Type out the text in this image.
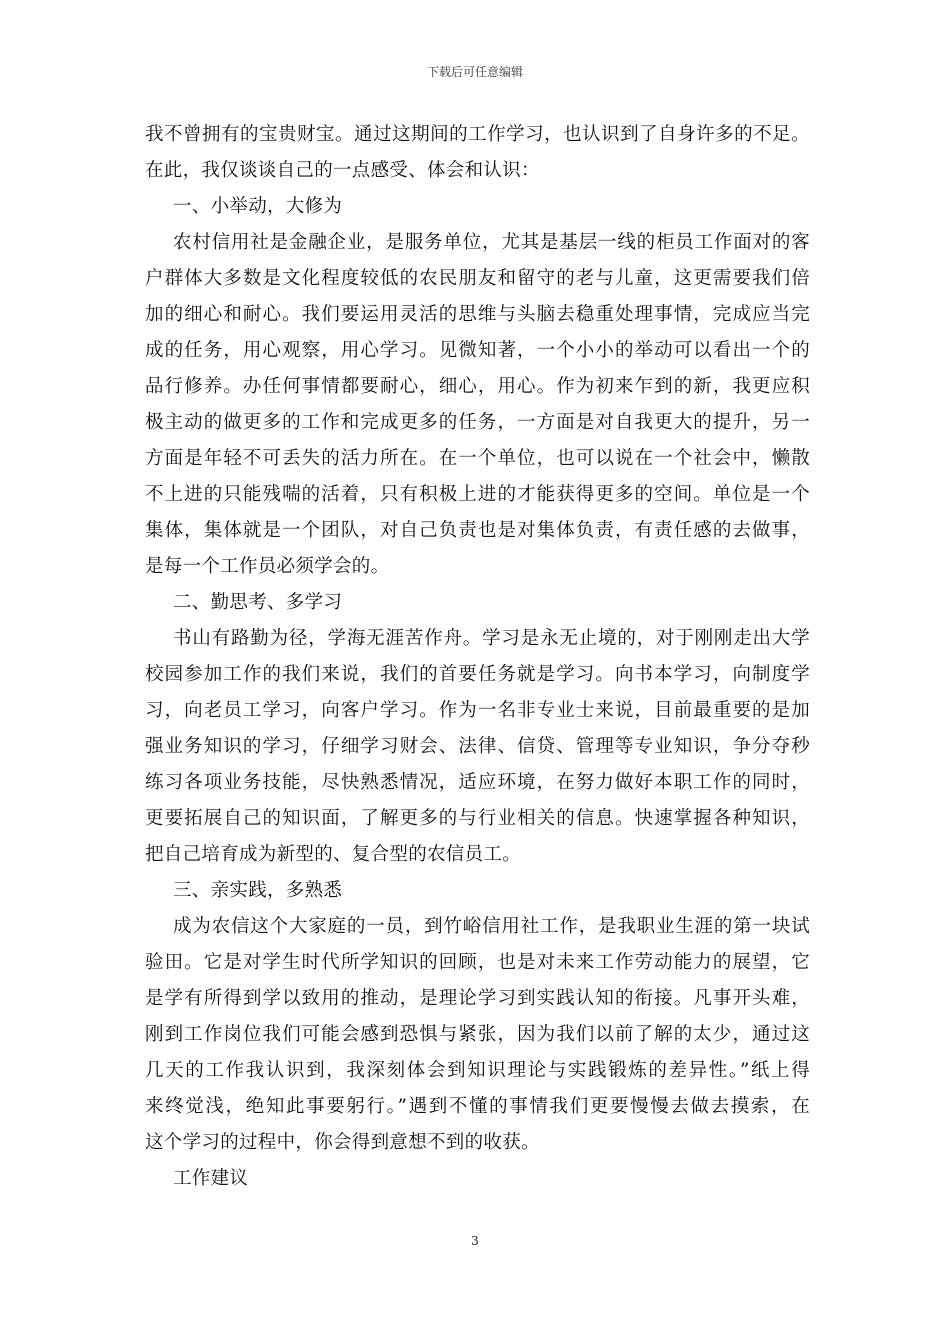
下载后可任意编辑
我不曾拥有的宝贵财宝。通过这期间的工作学习，也认识到了自身许多的不足。
在此，我仅谈谈自己的一点感受、体会和认识：
一、小举动，大修为
农村信用社是金融企业，是服务单位，尤其是基层一线的柜员工作面对的客
户群体大多数是文化程度较低的农民朋友和留守的老与儿童，这更需要我们倍
加的细心和耐心。我们要运用灵活的思维与头脑去稳重处理事情，完成应当完
成的任务，用心观察，用心学习。见微知著，一个小小的举动可以看出一个的
品行修养。办任何事情都要耐心，细心，用心。作为初来乍到的新，我更应积
极主动的做更多的工作和完成更多的任务，一方面是对自我更大的提升，另一
方面是年轻不可丢失的活力所在。在一个单位，也可以说在一个社会中，懒散
不上进的只能残喘的活着，只有积极上进的才能获得更多的空间。单位是一个
集体，集体就是一个团队，对自己负责也是对集体负责，有责任感的去做事，
是每一个工作员必须学会的。
二、勤思考、多学习
书山有路勤为径，学海无涯苦作舟。学习是永无止境的，对于刚刚走出大学
校园参加工作的我们来说，我们的首要任务就是学习。向书本学习，向制度学
习，向老员工学习，向客户学习。作为一名非专业士来说，目前最重要的是加
强业务知识的学习，仔细学习财会、法律、信贷、管理等专业知识，争分夺秒
练习各项业务技能，尽快熟悉情况，适应环境，在努力做好本职工作的同时，
更要拓展自己的知识面，了解更多的与行业相关的信息。快速掌握各种知识，
把自己培育成为新型的、复合型的农信员工。
三、亲实践，多熟悉
成为农信这个大家庭的一员，到竹峪信用社工作，是我职业生涯的第一块试
验田。它是对学生时代所学知识的回顾，也是对未来工作劳动能力的展望，它
是学有所得到学以致用的推动，是理论学习到实践认知的衔接。凡事开头难，
刚到工作岗位我们可能会感到恐惧与紧张，因为我们以前了解的太少，通过这
几天的工作我认识到，我深刻体会到知识理论与实践锻炼的差异性。”纸上得
来终觉浅，绝知此事要躬行。”遇到不懂的事情我们更要慢慢去做去摸索，在
这个学习的过程中，你会得到意想不到的收获。
工作建议
3
